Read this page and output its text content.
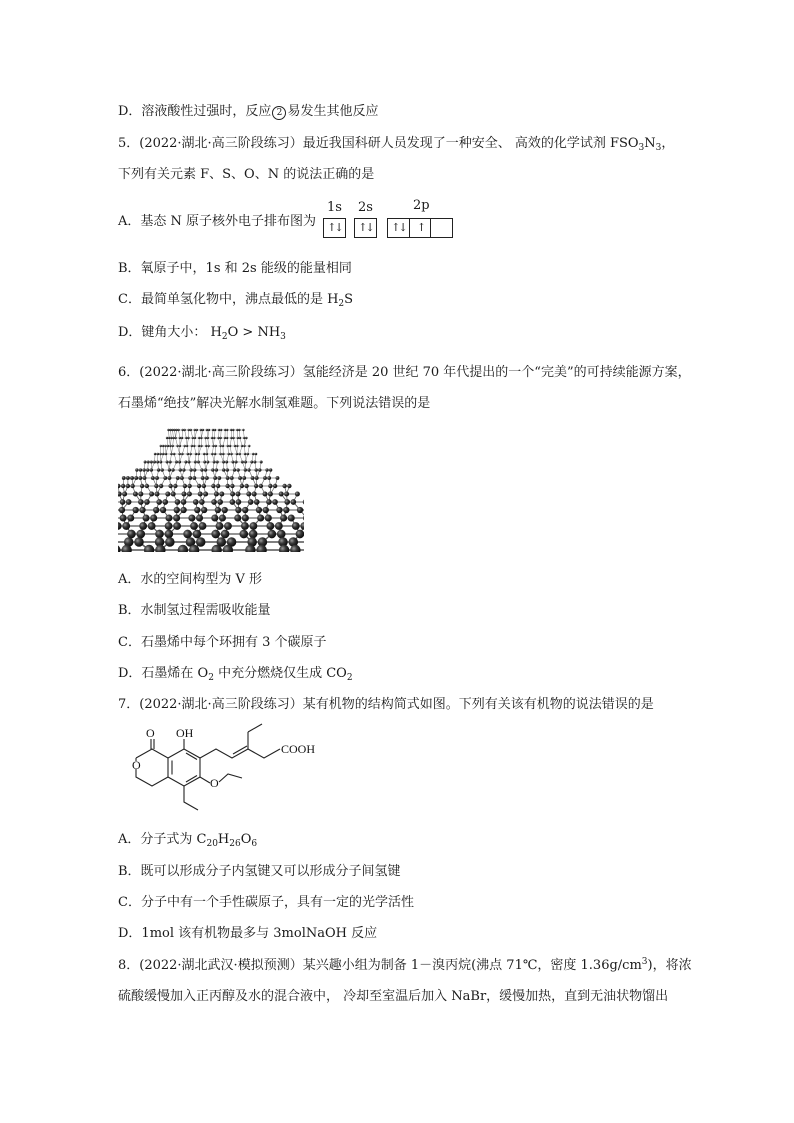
D．溶液酸性过强时，反应 2 易发生其他反应
5．(2022·湖北·高三阶段练习）最近我国科研人员发现了一种安全、 高效的化学试剂 $FSO_3N_3$，
下列有关元素 F、S、O、N 的说法正确的是
A．基态 N 原子核外电子排布图为
1s 2s	2p
↑↓ ↑↓ ↑↓	↑
B．氧原子中，1s 和 2s 能级的能量相同
C．最简单氢化物中，沸点最低的是 $H_2S$
D．键角大小： $H_2O > NH_3$
6．(2022·湖北·高三阶段练习）氢能经济是 20 世纪 70 年代提出的一个“完美”的可持续能源方案，
石墨烯“绝技”解决光解水制氢难题。下列说法错误的是
A．水的空间构型为 V 形
B．水制氢过程需吸收能量
C．石墨烯中每个环拥有 3 个碳原子
D．石墨烯在 $O_2$ 中充分燃烧仅生成 $CO_2$
7．(2022·湖北·高三阶段练习）某有机物的结构简式如图。下列有关该有机物的说法错误的是
O OH
O
O
COOH
A．分子式为 $C_{20}H_{26}O_6$
B．既可以形成分子内氢键又可以形成分子间氢键
C．分子中有一个手性碳原子，具有一定的光学活性
D．1mol 该有机物最多与 3molNaOH 反应
8．(2022·湖北武汉·模拟预测）某兴趣小组为制备 1－溴丙烷(沸点 71℃，密度 $1.36g/cm^3$)，将浓
硫酸缓慢加入正丙醇及水的混合液中， 冷却至室温后加入 NaBr，缓慢加热，直到无油状物馏出
